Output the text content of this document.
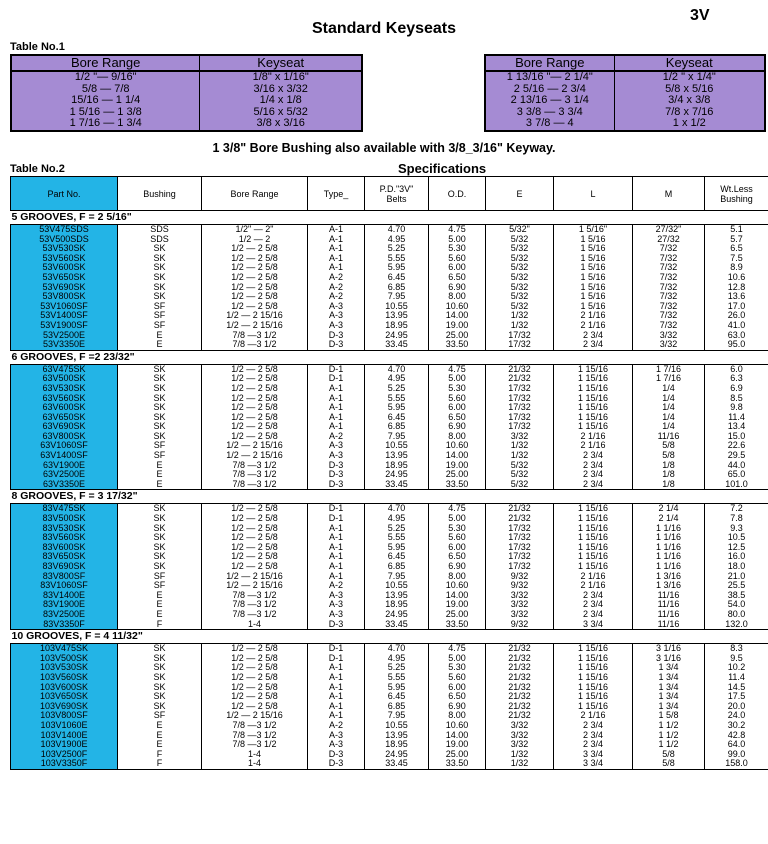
3V
Standard Keyseats
Table No.1
Bore Range	Keyseat
1/2 "— 9/16"	1/8" x 1/16"
5/8 — 7/8	3/16 x 3/32
15/16 — 1 1/4	1/4 x 1/8
1 5/16 — 1 3/8	5/16 x 5/32
1 7/16 — 1 3/4	3/8 x 3/16
Bore Range	Keyseat
1 13/16 "— 2 1/4"	1/2 " x 1/4"
2 5/16 — 2 3/4	5/8 x 5/16
2 13/16 — 3 1/4	3/4 x 3/8
3 3/8 — 3 3/4	7/8 x 7/16
3 7/8 — 4	1 x 1/2
1 3/8" Bore Bushing also available with 3/8_3/16" Keyway.
Table No.2	Specifications
Part No.	Bushing	Bore Range	Type_	P.D."3V"
Belts	O.D.	E	L	M	Wt.Less Bushing
5 GROOVES, F = 2 5/16"									
53V475SDS	SDS	1/2" — 2"	A-1	4.70	4.75	5/32"	1 5/16"	27/32"	5.1
53V500SDS	SDS	1/2 — 2	A-1	4.95	5.00	5/32	1 5/16	27/32	5.7
53V530SK	SK	1/2 — 2 5/8	A-1	5.25	5.30	5/32	1 5/16	7/32	6.5
53V560SK	SK	1/2 — 2 5/8	A-1	5.55	5.60	5/32	1 5/16	7/32	7.5
53V600SK	SK	1/2 — 2 5/8	A-1	5.95	6.00	5/32	1 5/16	7/32	8.9
53V650SK	SK	1/2 — 2 5/8	A-2	6.45	6.50	5/32	1 5/16	7/32	10.6
53V690SK	SK	1/2 — 2 5/8	A-2	6.85	6.90	5/32	1 5/16	7/32	12.8
53V800SK	SK	1/2 — 2 5/8	A-2	7.95	8.00	5/32	1 5/16	7/32	13.6
53V1060SF	SF	1/2 — 2 5/8	A-3	10.55	10.60	5/32	1 5/16	7/32	17.0
53V1400SF	SF	1/2 — 2 15/16	A-3	13.95	14.00	1/32	2 1/16	7/32	26.0
53V1900SF	SF	1/2 — 2 15/16	A-3	18.95	19.00	1/32	2 1/16	7/32	41.0
53V2500E	E	7/8 —3 1/2	D-3	24.95	25.00	17/32	2 3/4	3/32	63.0
53V3350E	E	7/8 —3 1/2	D-3	33.45	33.50	17/32	2 3/4	3/32	95.0
6 GROOVES, F =2 23/32"									
63V475SK	SK	1/2 — 2 5/8	D-1	4.70	4.75	21/32	1 15/16	1 7/16	6.0
63V500SK	SK	1/2 — 2 5/8	D-1	4.95	5.00	21/32	1 15/16	1 7/16	6.3
63V530SK	SK	1/2 — 2 5/8	A-1	5.25	5.30	17/32	1 15/16	1/4	6.9
63V560SK	SK	1/2 — 2 5/8	A-1	5.55	5.60	17/32	1 15/16	1/4	8.5
63V600SK	SK	1/2 — 2 5/8	A-1	5.95	6.00	17/32	1 15/16	1/4	9.8
63V650SK	SK	1/2 — 2 5/8	A-1	6.45	6.50	17/32	1 15/16	1/4	11.4
63V690SK	SK	1/2 — 2 5/8	A-1	6.85	6.90	17/32	1 15/16	1/4	13.4
63V800SK	SK	1/2 — 2 5/8	A-2	7.95	8.00	3/32	2 1/16	11/16	15.0
63V1060SF	SF	1/2 — 2 15/16	A-3	10.55	10.60	1/32	2 1/16	5/8	22.6
63V1400SF	SF	1/2 — 2 15/16	A-3	13.95	14.00	1/32	2 3/4	5/8	29.5
63V1900E	E	7/8 —3 1/2	D-3	18.95	19.00	5/32	2 3/4	1/8	44.0
63V2500E	E	7/8 —3 1/2	D-3	24.95	25.00	5/32	2 3/4	1/8	65.0
63V3350E	E	7/8 —3 1/2	D-3	33.45	33.50	5/32	2 3/4	1/8	101.0
8 GROOVES, F = 3 17/32"									
83V475SK	SK	1/2 — 2 5/8	D-1	4.70	4.75	21/32	1 15/16	2 1/4	7.2
83V500SK	SK	1/2 — 2 5/8	D-1	4.95	5.00	21/32	1 15/16	2 1/4	7.8
83V530SK	SK	1/2 — 2 5/8	A-1	5.25	5.30	17/32	1 15/16	1 1/16	9.3
83V560SK	SK	1/2 — 2 5/8	A-1	5.55	5.60	17/32	1 15/16	1 1/16	10.5
83V600SK	SK	1/2 — 2 5/8	A-1	5.95	6.00	17/32	1 15/16	1 1/16	12.5
83V650SK	SK	1/2 — 2 5/8	A-1	6.45	6.50	17/32	1 15/16	1 1/16	16.0
83V690SK	SK	1/2 — 2 5/8	A-1	6.85	6.90	17/32	1 15/16	1 1/16	18.0
83V800SF	SF	1/2 — 2 15/16	A-1	7.95	8.00	9/32	2 1/16	1 3/16	21.0
83V1060SF	SF	1/2 — 2 15/16	A-2	10.55	10.60	9/32	2 1/16	1 3/16	25.5
83V1400E	E	7/8 —3 1/2	A-3	13.95	14.00	3/32	2 3/4	11/16	38.5
83V1900E	E	7/8 —3 1/2	A-3	18.95	19.00	3/32	2 3/4	11/16	54.0
83V2500E	E	7/8 —3 1/2	A-3	24.95	25.00	3/32	2 3/4	11/16	80.0
83V3350F	F	1-4	D-3	33.45	33.50	9/32	3 3/4	11/16	132.0
10 GROOVES, F = 4 11/32"									
103V475SK	SK	1/2 — 2 5/8	D-1	4.70	4.75	21/32	1 15/16	3 1/16	8.3
103V500SK	SK	1/2 — 2 5/8	D-1	4.95	5.00	21/32	1 15/16	3 1/16	9.5
103V530SK	SK	1/2 — 2 5/8	A-1	5.25	5.30	21/32	1 15/16	1 3/4	10.2
103V560SK	SK	1/2 — 2 5/8	A-1	5.55	5.60	21/32	1 15/16	1 3/4	11.4
103V600SK	SK	1/2 — 2 5/8	A-1	5.95	6.00	21/32	1 15/16	1 3/4	14.5
103V650SK	SK	1/2 — 2 5/8	A-1	6.45	6.50	21/32	1 15/16	1 3/4	17.5
103V690SK	SK	1/2 — 2 5/8	A-1	6.85	6.90	21/32	1 15/16	1 3/4	20.0
103V800SF	SF	1/2 — 2 15/16	A-1	7.95	8.00	21/32	2 1/16	1 5/8	24.0
103V1060E	E	7/8 —3 1/2	A-2	10.55	10.60	3/32	2 3/4	1 1/2	30.2
103V1400E	E	7/8 —3 1/2	A-3	13.95	14.00	3/32	2 3/4	1 1/2	42.8
103V1900E	E	7/8 —3 1/2	A-3	18.95	19.00	3/32	2 3/4	1 1/2	64.0
103V2500F	F	1-4	D-3	24.95	25.00	1/32	3 3/4	5/8	99.0
103V3350F	F	1-4	D-3	33.45	33.50	1/32	3 3/4	5/8	158.0
